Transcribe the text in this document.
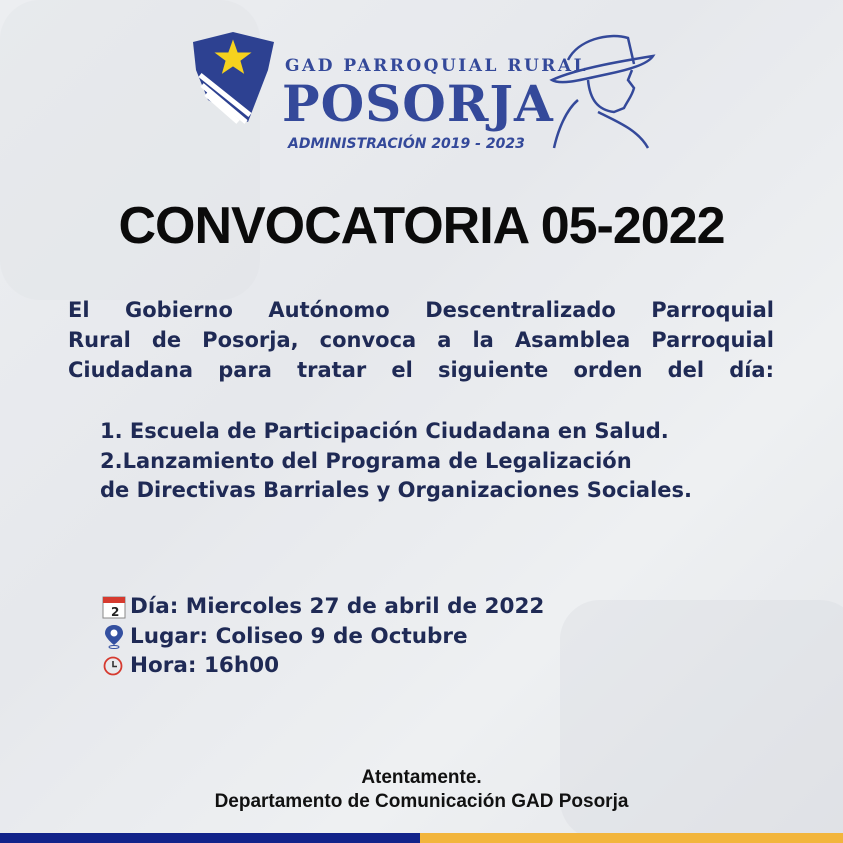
GAD PARROQUIAL RURAL
POSORJA
ADMINISTRACIÓN 2019 - 2023
CONVOCATORIA 05-2022
El Gobierno Autónomo Descentralizado Parroquial
Rural de Posorja, convoca a la Asamblea Parroquial
Ciudadana para tratar el siguiente orden del día:
1. Escuela de Participación Ciudadana en Salud.
2.Lanzamiento del Programa de Legalización
de Directivas Barriales y Organizaciones Sociales.
2 Día: Miercoles 27 de abril de 2022
Lugar: Coliseo 9 de Octubre
Hora: 16h00
Atentamente.
Departamento de Comunicación GAD Posorja
